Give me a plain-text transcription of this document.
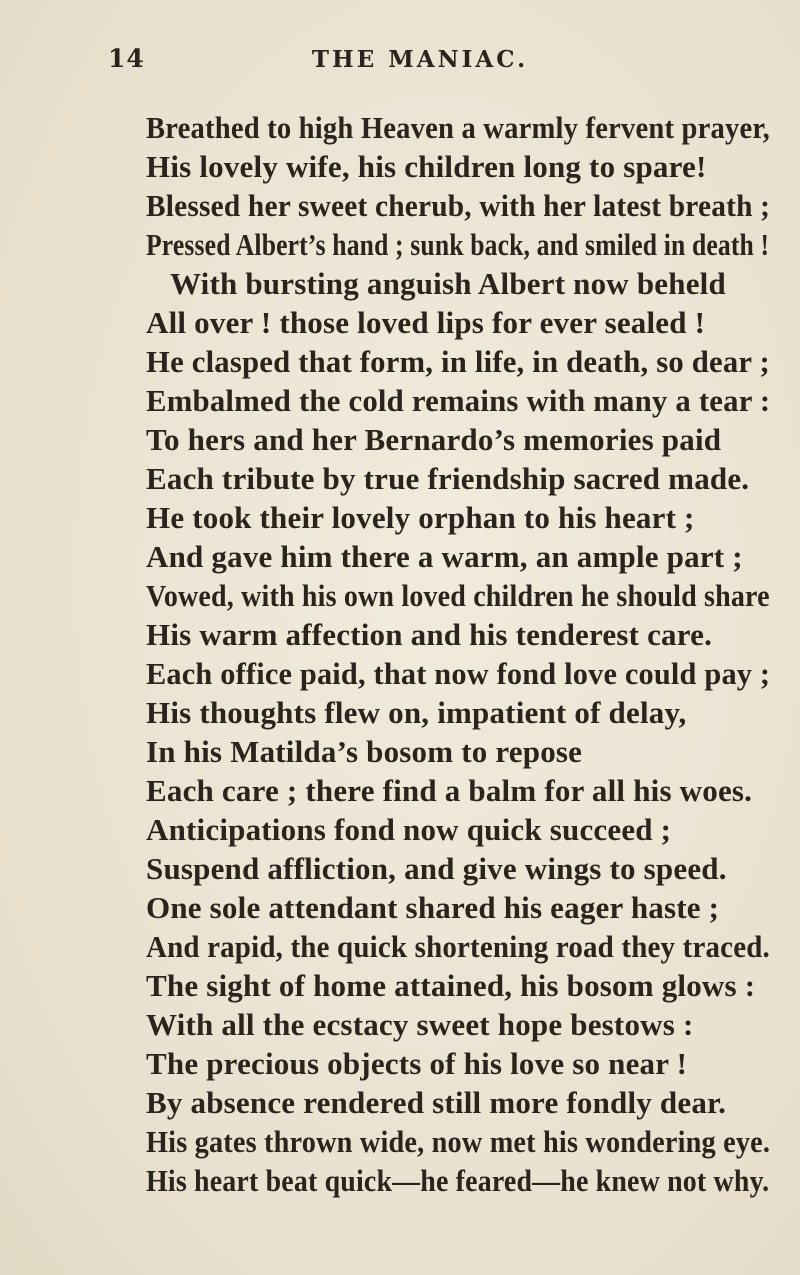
14	THE MANIAC.
Breathed to high Heaven a warmly fervent prayer,
His lovely wife, his children long to spare!
Blessed her sweet cherub, with her latest breath ;
Pressed Albert’s hand ; sunk back, and smiled in death !
With bursting anguish Albert now beheld
All over ! those loved lips for ever sealed !
He clasped that form, in life, in death, so dear ;
Embalmed the cold remains with many a tear :
To hers and her Bernardo’s memories paid
Each tribute by true friendship sacred made.
He took their lovely orphan to his heart ;
And gave him there a warm, an ample part ;
Vowed, with his own loved children he should share
His warm affection and his tenderest care.
Each office paid, that now fond love could pay ;
His thoughts flew on, impatient of delay,
In his Matilda’s bosom to repose
Each care ; there find a balm for all his woes.
Anticipations fond now quick succeed ;
Suspend affliction, and give wings to speed.
One sole attendant shared his eager haste ;
And rapid, the quick shortening road they traced.
The sight of home attained, his bosom glows :
With all the ecstacy sweet hope bestows :
The precious objects of his love so near !
By absence rendered still more fondly dear.
His gates thrown wide, now met his wondering eye.
His heart beat quick—he feared—he knew not why.
